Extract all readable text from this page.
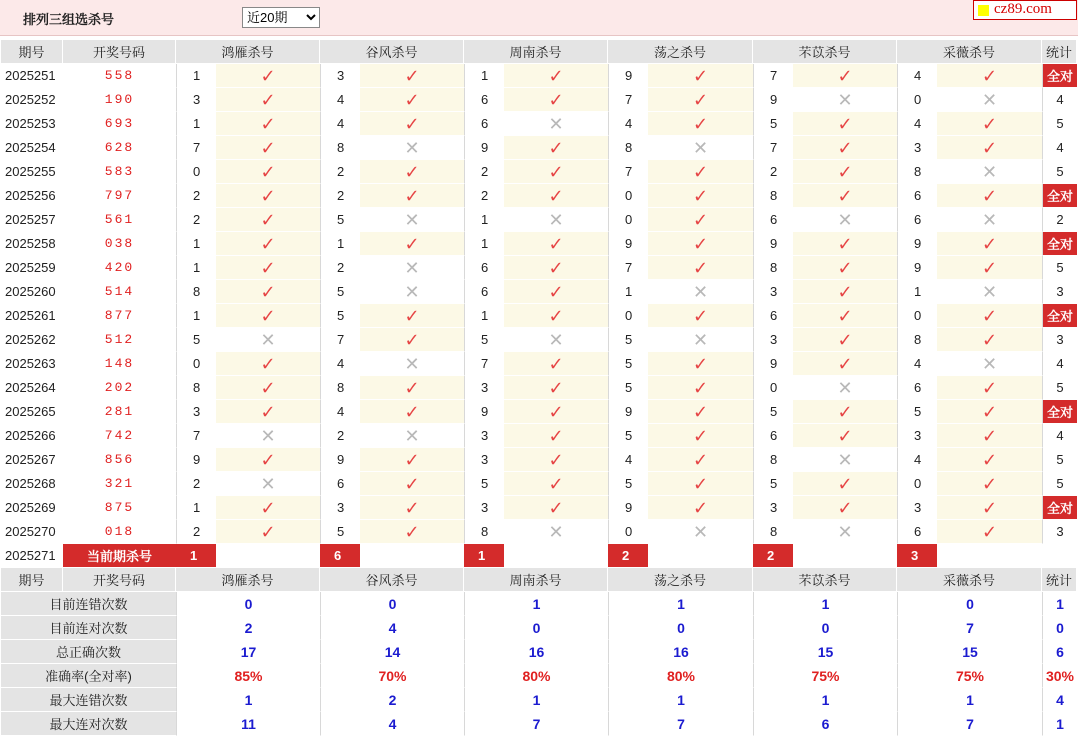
排列三组选杀号
近20期
cz89.com
期号	开奖号码	鸿雁杀号		谷风杀号		周南杀号		荡之杀号		芣苡杀号		采薇杀号		统计
2025251	558	1	✓	3	✓	1	✓	9	✓	7	✓	4	✓	全对
2025252	190	3	✓	4	✓	6	✓	7	✓	9	✕	0	✕	4
2025253	693	1	✓	4	✓	6	✕	4	✓	5	✓	4	✓	5
2025254	628	7	✓	8	✕	9	✓	8	✕	7	✓	3	✓	4
2025255	583	0	✓	2	✓	2	✓	7	✓	2	✓	8	✕	5
2025256	797	2	✓	2	✓	2	✓	0	✓	8	✓	6	✓	全对
2025257	561	2	✓	5	✕	1	✕	0	✓	6	✕	6	✕	2
2025258	038	1	✓	1	✓	1	✓	9	✓	9	✓	9	✓	全对
2025259	420	1	✓	2	✕	6	✓	7	✓	8	✓	9	✓	5
2025260	514	8	✓	5	✕	6	✓	1	✕	3	✓	1	✕	3
2025261	877	1	✓	5	✓	1	✓	0	✓	6	✓	0	✓	全对
2025262	512	5	✕	7	✓	5	✕	5	✕	3	✓	8	✓	3
2025263	148	0	✓	4	✕	7	✓	5	✓	9	✓	4	✕	4
2025264	202	8	✓	8	✓	3	✓	5	✓	0	✕	6	✓	5
2025265	281	3	✓	4	✓	9	✓	9	✓	5	✓	5	✓	全对
2025266	742	7	✕	2	✕	3	✓	5	✓	6	✓	3	✓	4
2025267	856	9	✓	9	✓	3	✓	4	✓	8	✕	4	✓	5
2025268	321	2	✕	6	✓	5	✓	5	✓	5	✓	0	✓	5
2025269	875	1	✓	3	✓	3	✓	9	✓	3	✓	3	✓	全对
2025270	018	2	✓	5	✓	8	✕	0	✕	8	✕	6	✓	3
2025271	当前期杀号	1		6		1		2		2		3		
期号	开奖号码	鸿雁杀号		谷风杀号		周南杀号		荡之杀号		芣苡杀号		采薇杀号		统计
目前连错次数		0		0		1		1		1		0		1
目前连对次数		2		4		0		0		0		7		0
总正确次数		17		14		16		16		15		15		6
准确率(全对率)		85%		70%		80%		80%		75%		75%		30%
最大连错次数		1		2		1		1		1		1		4
最大连对次数		11		4		7		7		6		7		1
